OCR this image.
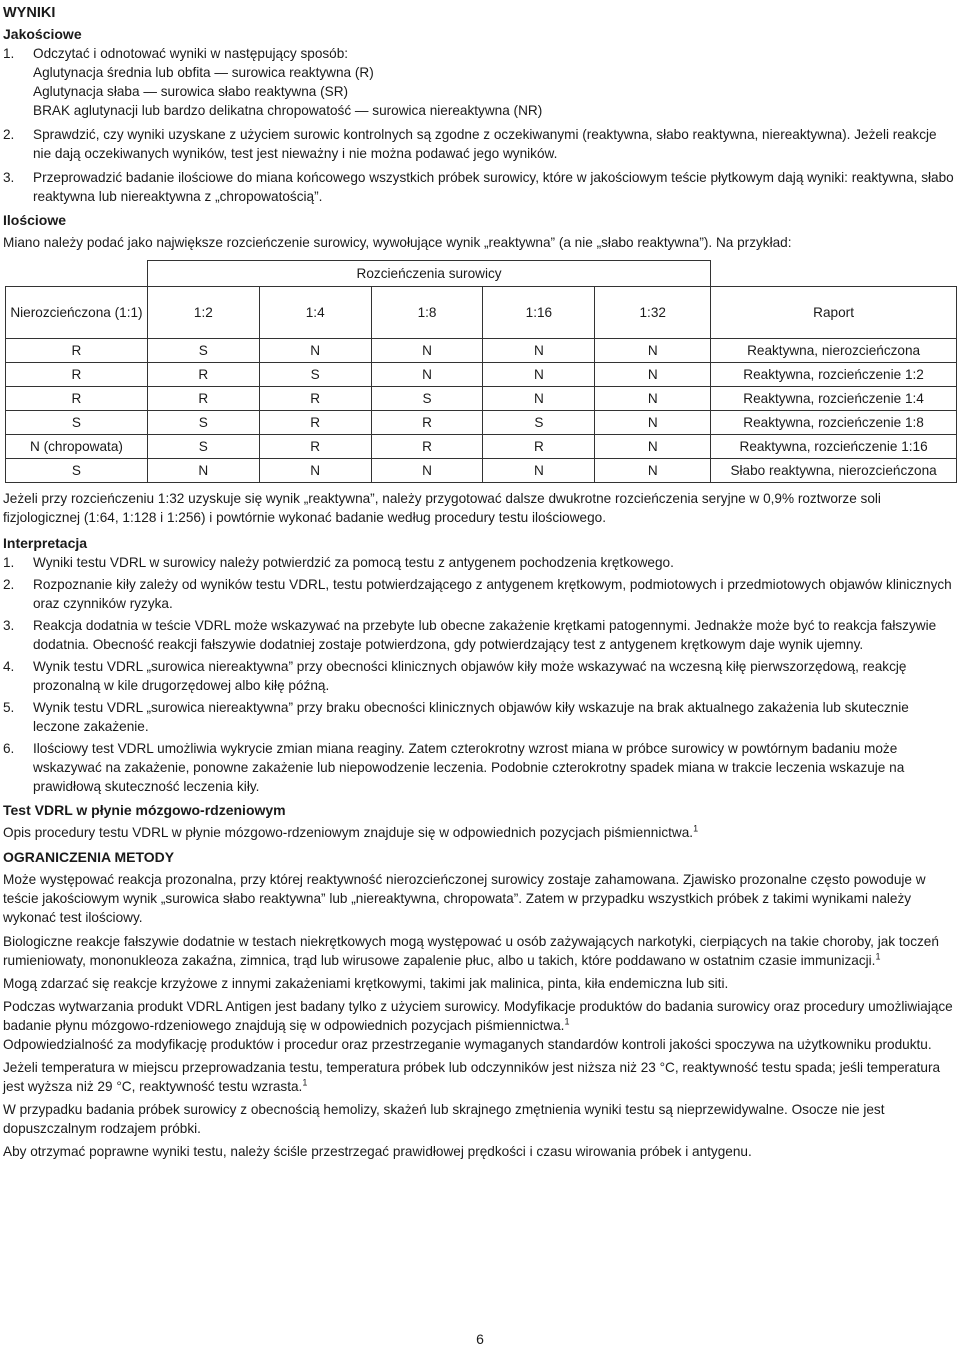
WYNIKI
Jakościowe
1. Odczytać i odnotować wyniki w następujący sposób:

Aglutynacja średnia lub obfita — surowica reaktywna (R)

Aglutynacja słaba — surowica słabo reaktywna (SR)

BRAK aglutynacji lub bardzo delikatna chropowatość — surowica niereaktywna (NR)

2. Sprawdzić, czy wyniki uzyskane z użyciem surowic kontrolnych są zgodne z oczekiwanymi (reaktywna, słabo reaktywna, niereaktywna). Jeżeli reakcje nie dają oczekiwanych wyników, test jest nieważny i nie można podawać jego wyników.

3. Przeprowadzić badanie ilościowe do miana końcowego wszystkich próbek surowicy, które w jakościowym teście płytkowym dają wyniki: reaktywna, słabo reaktywna lub niereaktywna z „chropowatością”.

Ilościowe

Miano należy podać jako największe rozcieńczenie surowicy, wywołujące wynik „reaktywna” (a nie „słabo reaktywna”). Na przykład:

	Rozcieńczenia surowicy					
Nierozcieńczona (1:1)	1:2	1:4	1:8	1:16	1:32	Raport
R	S	N	N	N	N	Reaktywna, nierozcieńczona
R	R	S	N	N	N	Reaktywna, rozcieńczenie 1:2
R	R	R	S	N	N	Reaktywna, rozcieńczenie 1:4
S	S	R	R	S	N	Reaktywna, rozcieńczenie 1:8
N (chropowata)	S	R	R	R	N	Reaktywna, rozcieńczenie 1:16
S	N	N	N	N	N	Słabo reaktywna, nierozcieńczona

Jeżeli przy rozcieńczeniu 1:32 uzyskuje się wynik „reaktywna”, należy przygotować dalsze dwukrotne rozcieńczenia seryjne w 0,9% roztworze soli fizjologicznej (1:64, 1:128 i 1:256) i powtórnie wykonać badanie według procedury testu ilościowego.

Interpretacja
1. Wyniki testu VDRL w surowicy należy potwierdzić za pomocą testu z antygenem pochodzenia krętkowego.

2. Rozpoznanie kiły zależy od wyników testu VDRL, testu potwierdzającego z antygenem krętkowym, podmiotowych i przedmiotowych objawów klinicznych oraz czynników ryzyka.

3. Reakcja dodatnia w teście VDRL może wskazywać na przebyte lub obecne zakażenie krętkami patogennymi. Jednakże może być to reakcja fałszywie dodatnia. Obecność reakcji fałszywie dodatniej zostaje potwierdzona, gdy potwierdzający test z antygenem krętkowym daje wynik ujemny.

4. Wynik testu VDRL „surowica niereaktywna” przy obecności klinicznych objawów kiły może wskazywać na wczesną kiłę pierwszorzędową, reakcję prozonalną w kile drugorzędowej albo kiłę późną.

5. Wynik testu VDRL „surowica niereaktywna” przy braku obecności klinicznych objawów kiły wskazuje na brak aktualnego zakażenia lub skutecznie leczone zakażenie.

6. Ilościowy test VDRL umożliwia wykrycie zmian miana reaginy. Zatem czterokrotny wzrost miana w próbce surowicy w powtórnym badaniu może wskazywać na zakażenie, ponowne zakażenie lub niepowodzenie leczenia. Podobnie czterokrotny spadek miana w trakcie leczenia wskazuje na prawidłową skuteczność leczenia kiły.

Test VDRL w płynie mózgowo-rdzeniowym

Opis procedury testu VDRL w płynie mózgowo-rdzeniowym znajduje się w odpowiednich pozycjach piśmiennictwa.$^1$

OGRANICZENIA METODY

Może występować reakcja prozonalna, przy której reaktywność nierozcieńczonej surowicy zostaje zahamowana. Zjawisko prozonalne często powoduje w teście jakościowym wynik „surowica słabo reaktywna” lub „niereaktywna, chropowata”. Zatem w przypadku wszystkich próbek z takimi wynikami należy wykonać test ilościowy.

Biologiczne reakcje fałszywie dodatnie w testach niekrętkowych mogą występować u osób zażywających narkotyki, cierpiących na takie choroby, jak toczeń rumieniowaty, mononukleoza zakaźna, zimnica, trąd lub wirusowe zapalenie płuc, albo u takich, które poddawano w ostatnim czasie immunizacji.$^1$

Mogą zdarzać się reakcje krzyżowe z innymi zakażeniami krętkowymi, takimi jak malinica, pinta, kiła endemiczna lub siti.

Podczas wytwarzania produkt VDRL Antigen jest badany tylko z użyciem surowicy. Modyfikacje produktów do badania surowicy oraz procedury umożliwiające badanie płynu mózgowo-rdzeniowego znajdują się w odpowiednich pozycjach piśmiennictwa.$^1$

Odpowiedzialność za modyfikację produktów i procedur oraz przestrzeganie wymaganych standardów kontroli jakości spoczywa na użytkowniku produktu.

Jeżeli temperatura w miejscu przeprowadzania testu, temperatura próbek lub odczynników jest niższa niż 23 °C, reaktywność testu spada; jeśli temperatura jest wyższa niż 29 °C, reaktywność testu wzrasta.$^1$

W przypadku badania próbek surowicy z obecnością hemolizy, skażeń lub skrajnego zmętnienia wyniki testu są nieprzewidywalne. Osocze nie jest dopuszczalnym rodzajem próbki.

Aby otrzymać poprawne wyniki testu, należy ściśle przestrzegać prawidłowej prędkości i czasu wirowania próbek i antygenu.

6
